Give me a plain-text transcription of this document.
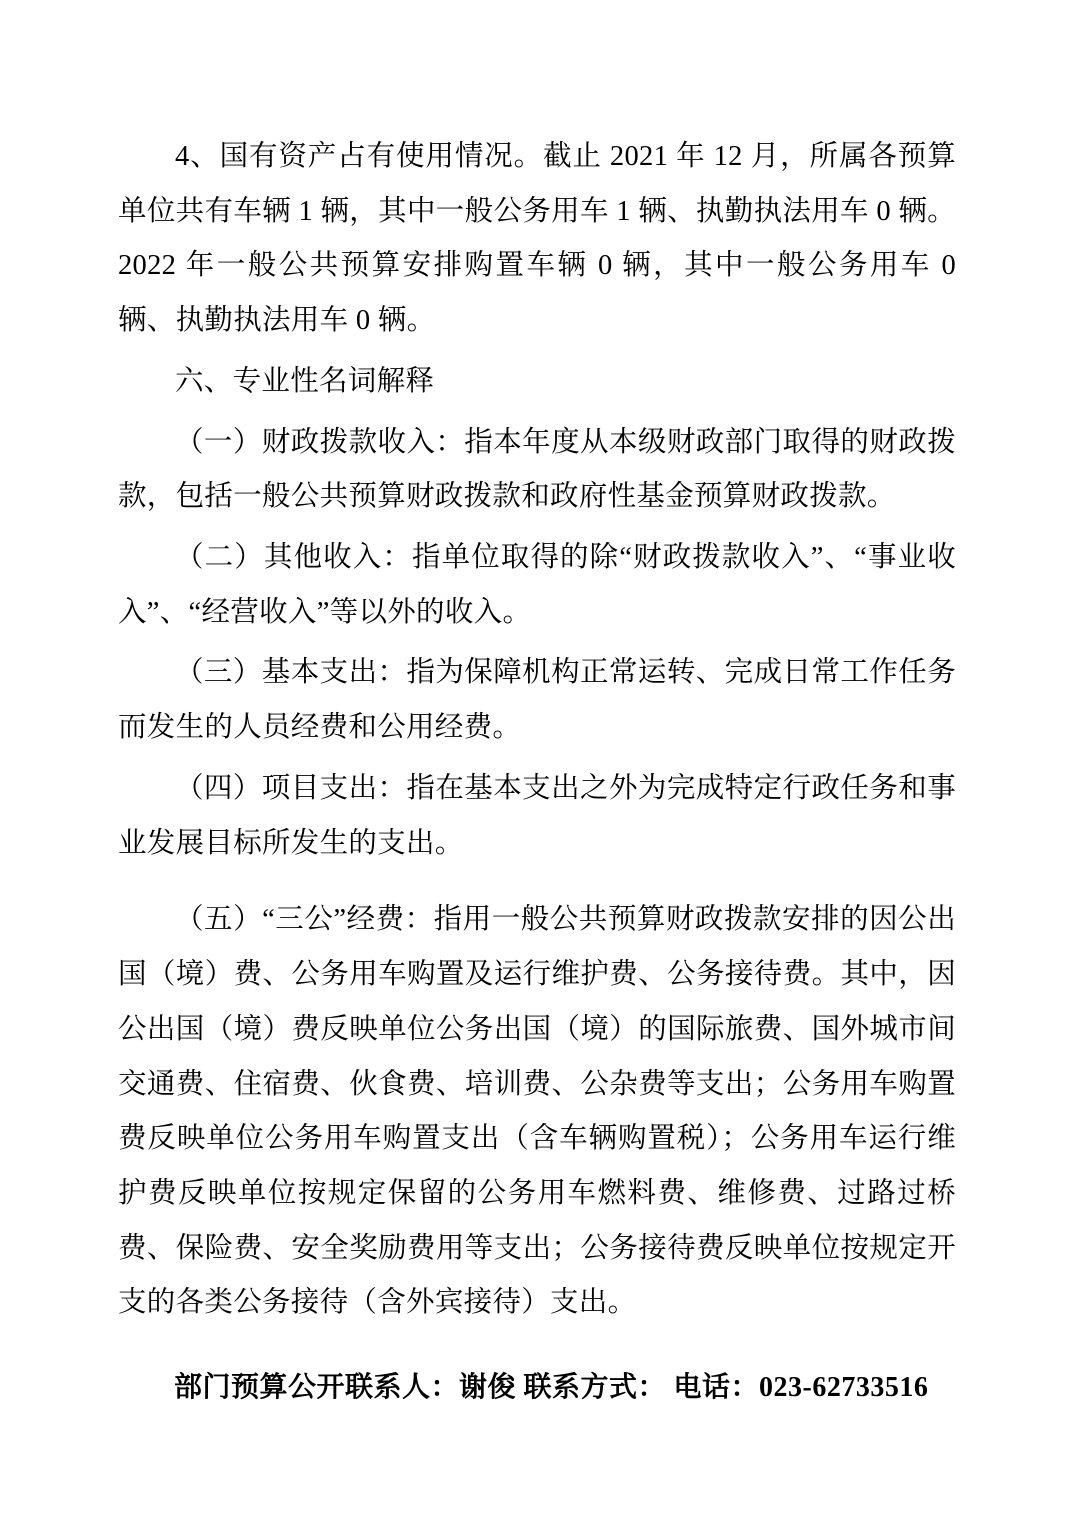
4、国有资产占有使用情况。截止 2021 年 12 月，所属各预算单位共有车辆 1 辆，其中一般公务用车 1 辆、执勤执法用车 0 辆。 2022 年一般公共预算安排购置车辆 0 辆，其中一般公务用车 0 辆、执勤执法用车 0 辆。

六、专业性名词解释

（一）财政拨款收入：指本年度从本级财政部门取得的财政拨款，包括一般公共预算财政拨款和政府性基金预算财政拨款。

（二）其他收入：指单位取得的除“财政拨款收入”、“事业收入”、“经营收入”等以外的收入。

（三）基本支出：指为保障机构正常运转、完成日常工作任务而发生的人员经费和公用经费。

（四）项目支出：指在基本支出之外为完成特定行政任务和事业发展目标所发生的支出。

（五）“三公”经费：指用一般公共预算财政拨款安排的因公出国（境）费、公务用车购置及运行维护费、公务接待费。其中，因公出国（境）费反映单位公务出国（境）的国际旅费、国外城市间交通费、住宿费、伙食费、培训费、公杂费等支出；公务用车购置费反映单位公务用车购置支出（含车辆购置税）；公务用车运行维护费反映单位按规定保留的公务用车燃料费、维修费、过路过桥费、保险费、安全奖励费用等支出；公务接待费反映单位按规定开支的各类公务接待（含外宾接待）支出。

部门预算公开联系人：谢俊 联系方式： 电话：023-62733516
